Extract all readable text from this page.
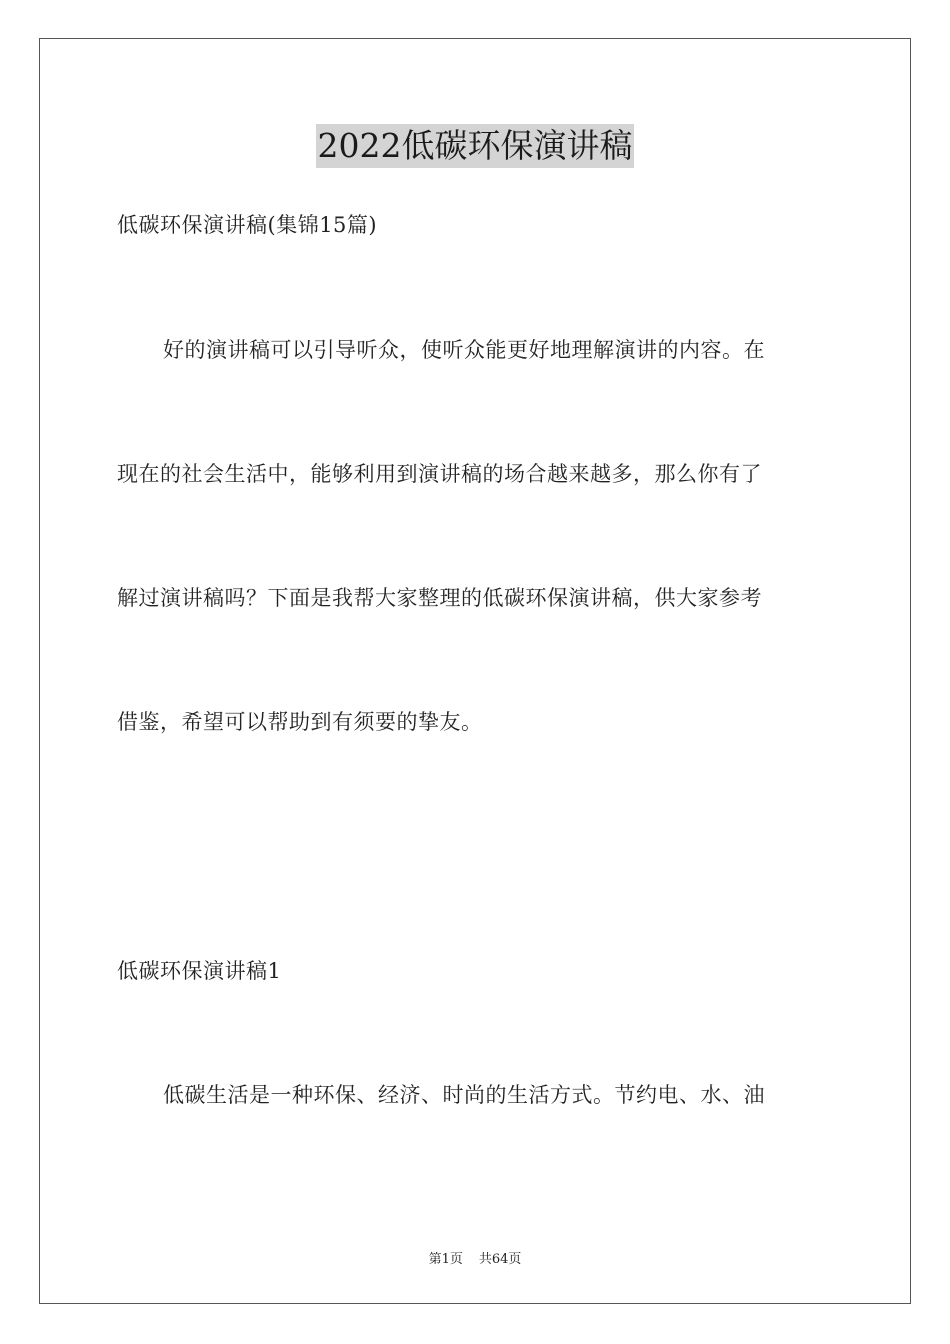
2022低碳环保演讲稿
低碳环保演讲稿(集锦15篇)
好的演讲稿可以引导听众，使听众能更好地理解演讲的内容。在
现在的社会生活中，能够利用到演讲稿的场合越来越多，那么你有了
解过演讲稿吗？下面是我帮大家整理的低碳环保演讲稿，供大家参考
借鉴，希望可以帮助到有须要的挚友。
低碳环保演讲稿1
低碳生活是一种环保、经济、时尚的生活方式。节约电、水、油
第1页 共64页
